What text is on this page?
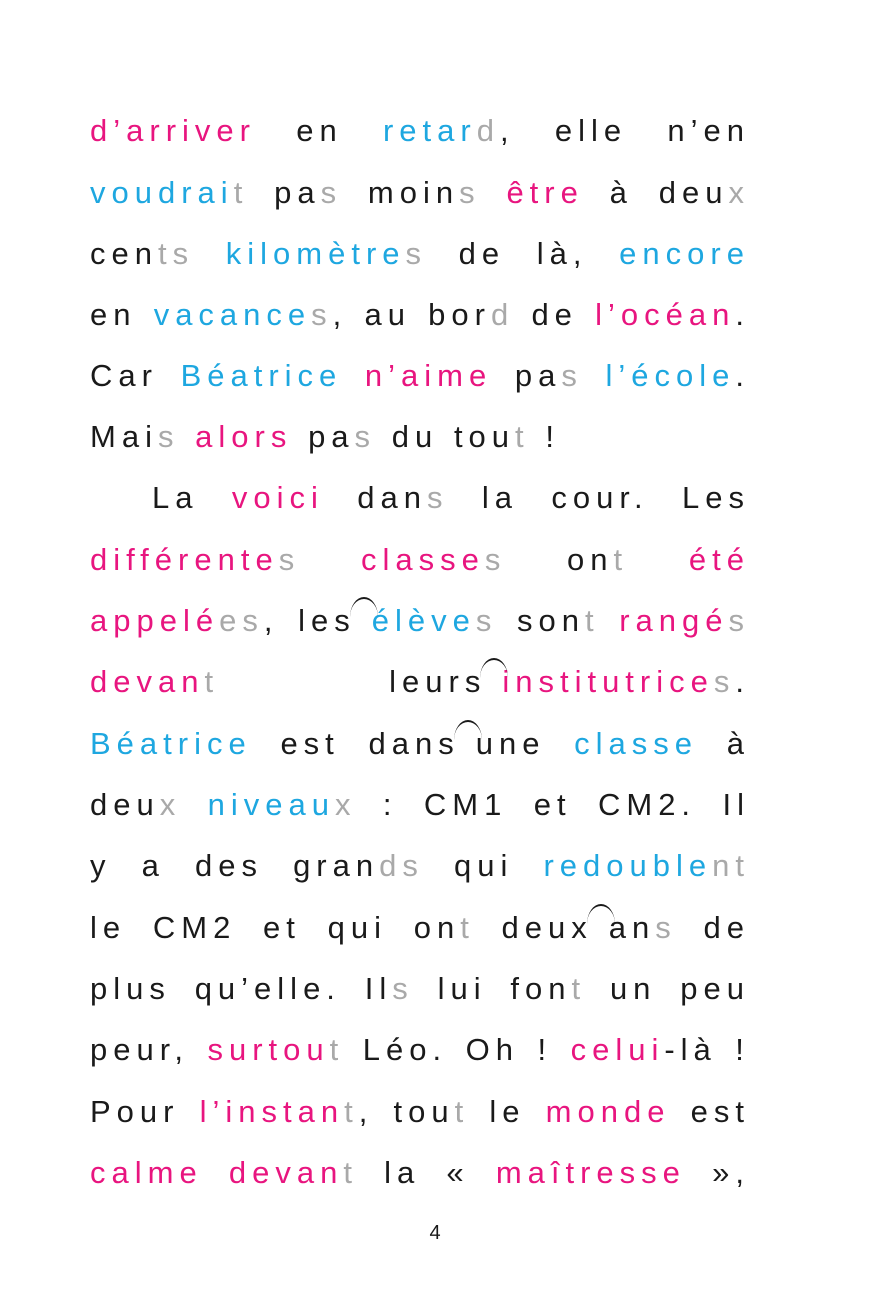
d’arriver en retard, elle n’en
voudrait pas moins être à deux
cents kilomètres de là, encore
en vacances, au bord de l’océan.
Car Béatrice n’aime pas l’école.
Mais alors pas du tout !
La voici dans la cour. Les
différentes classes ont été
appelées, les élèves sont rangés
devant	leurs institutrices.
Béatrice est dans une classe à
deux niveaux : CM1 et CM2. Il
y a des grands qui redoublent
le CM2 et qui ont deux ans de
plus qu’elle. Ils lui font un peu
peur, surtout Léo. Oh ! celui-là !
Pour l’instant, tout le monde est
calme devant la « maîtresse »,
4
